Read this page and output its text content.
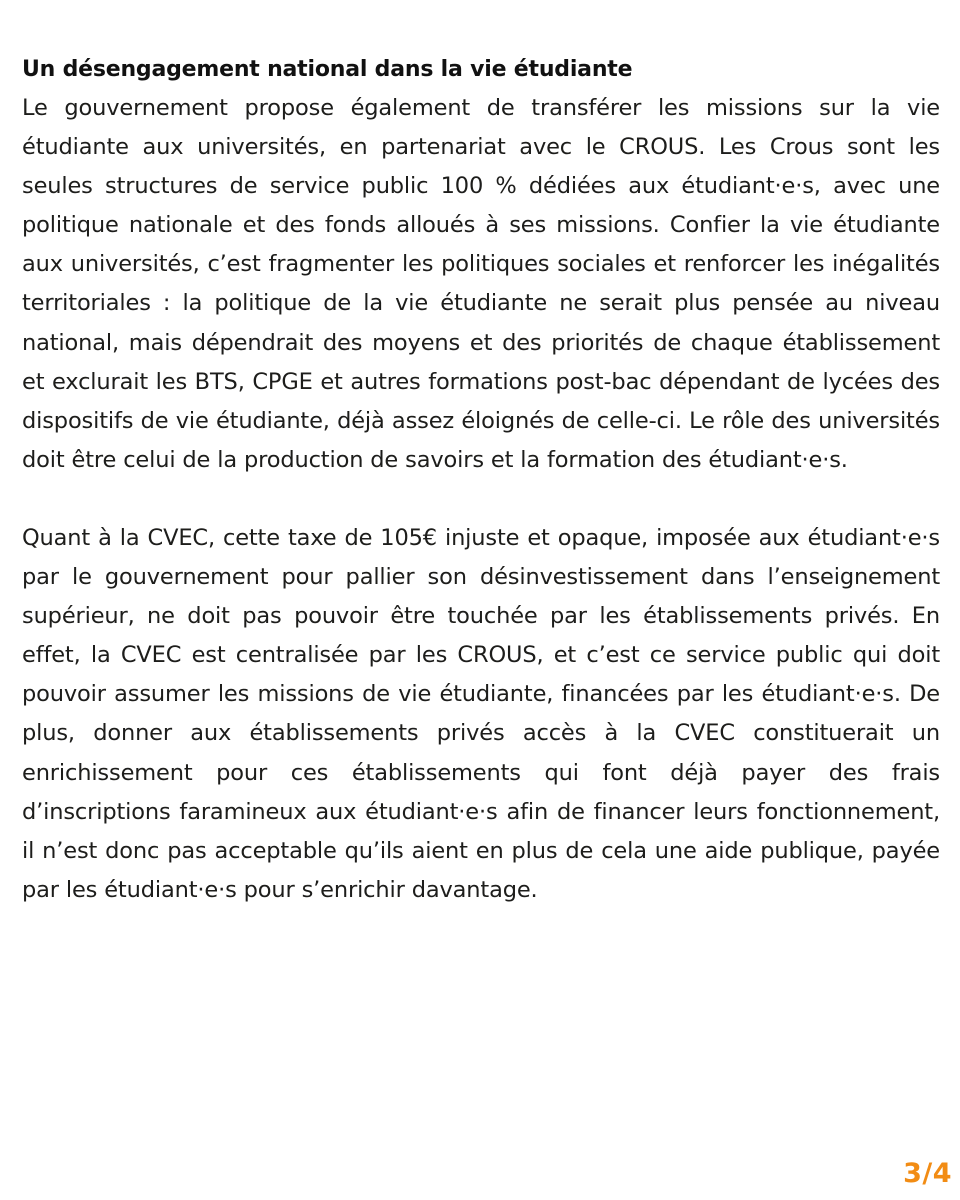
Un désengagement national dans la vie étudiante

Le gouvernement propose également de transférer les missions sur la vie étudiante aux universités, en partenariat avec le CROUS. Les Crous sont les seules structures de service public 100 % dédiées aux étudiant·e·s, avec une politique nationale et des fonds alloués à ses missions. Confier la vie étudiante aux universités, c’est fragmenter les politiques sociales et renforcer les inégalités territoriales : la politique de la vie étudiante ne serait plus pensée au niveau national, mais dépendrait des moyens et des priorités de chaque établissement et exclurait les BTS, CPGE et autres formations post-bac dépendant de lycées des dispositifs de vie étudiante, déjà assez éloignés de celle-ci. Le rôle des universités doit être celui de la production de savoirs et la formation des étudiant·e·s.

Quant à la CVEC, cette taxe de 105€ injuste et opaque, imposée aux étudiant·e·s par le gouvernement pour pallier son désinvestissement dans l’enseignement supérieur, ne doit pas pouvoir être touchée par les établissements privés. En effet, la CVEC est centralisée par les CROUS, et c’est ce service public qui doit pouvoir assumer les missions de vie étudiante, financées par les étudiant·e·s. De plus, donner aux établissements privés accès à la CVEC constituerait un enrichissement pour ces établissements qui font déjà payer des frais d’inscriptions faramineux aux étudiant·e·s afin de financer leurs fonctionnement, il n’est donc pas acceptable qu’ils aient en plus de cela une aide publique, payée par les étudiant·e·s pour s’enrichir davantage.

3/4
